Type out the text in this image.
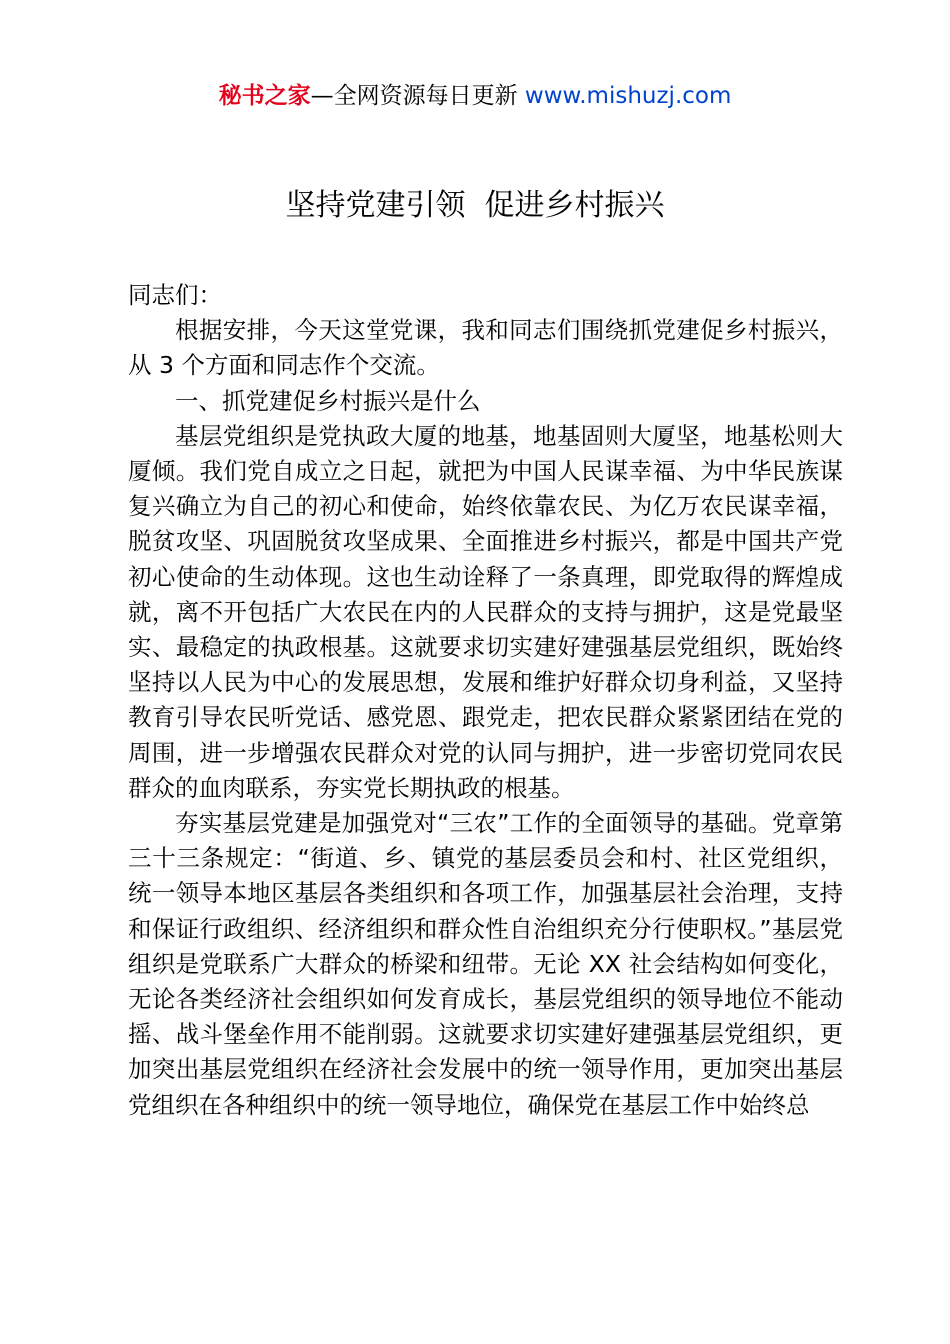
秘书之家—全网资源每日更新 www.mishuzj.com
坚持党建引领  促进乡村振兴

同志们：

根据安排，今天这堂党课，我和同志们围绕抓党建促乡村振兴，从 3 个方面和同志作个交流。

一、抓党建促乡村振兴是什么

基层党组织是党执政大厦的地基，地基固则大厦坚，地基松则大厦倾。我们党自成立之日起，就把为中国人民谋幸福、为中华民族谋复兴确立为自己的初心和使命，始终依靠农民、为亿万农民谋幸福，脱贫攻坚、巩固脱贫攻坚成果、全面推进乡村振兴，都是中国共产党初心使命的生动体现。这也生动诠释了一条真理，即党取得的辉煌成就，离不开包括广大农民在内的人民群众的支持与拥护，这是党最坚实、最稳定的执政根基。这就要求切实建好建强基层党组织，既始终坚持以人民为中心的发展思想，发展和维护好群众切身利益，又坚持教育引导农民听党话、感党恩、跟党走，把农民群众紧紧团结在党的周围，进一步增强农民群众对党的认同与拥护，进一步密切党同农民群众的血肉联系，夯实党长期执政的根基。

夯实基层党建是加强党对“三农”工作的全面领导的基础。党章第三十三条规定：“街道、乡、镇党的基层委员会和村、社区党组织，统一领导本地区基层各类组织和各项工作，加强基层社会治理，支持和保证行政组织、经济组织和群众性自治组织充分行使职权。”基层党组织是党联系广大群众的桥梁和纽带。无论 XX 社会结构如何变化，无论各类经济社会组织如何发育成长，基层党组织的领导地位不能动摇、战斗堡垒作用不能削弱。这就要求切实建好建强基层党组织，更加突出基层党组织在经济社会发展中的统一领导作用，更加突出基层党组织在各种组织中的统一领导地位，确保党在基层工作中始终总
